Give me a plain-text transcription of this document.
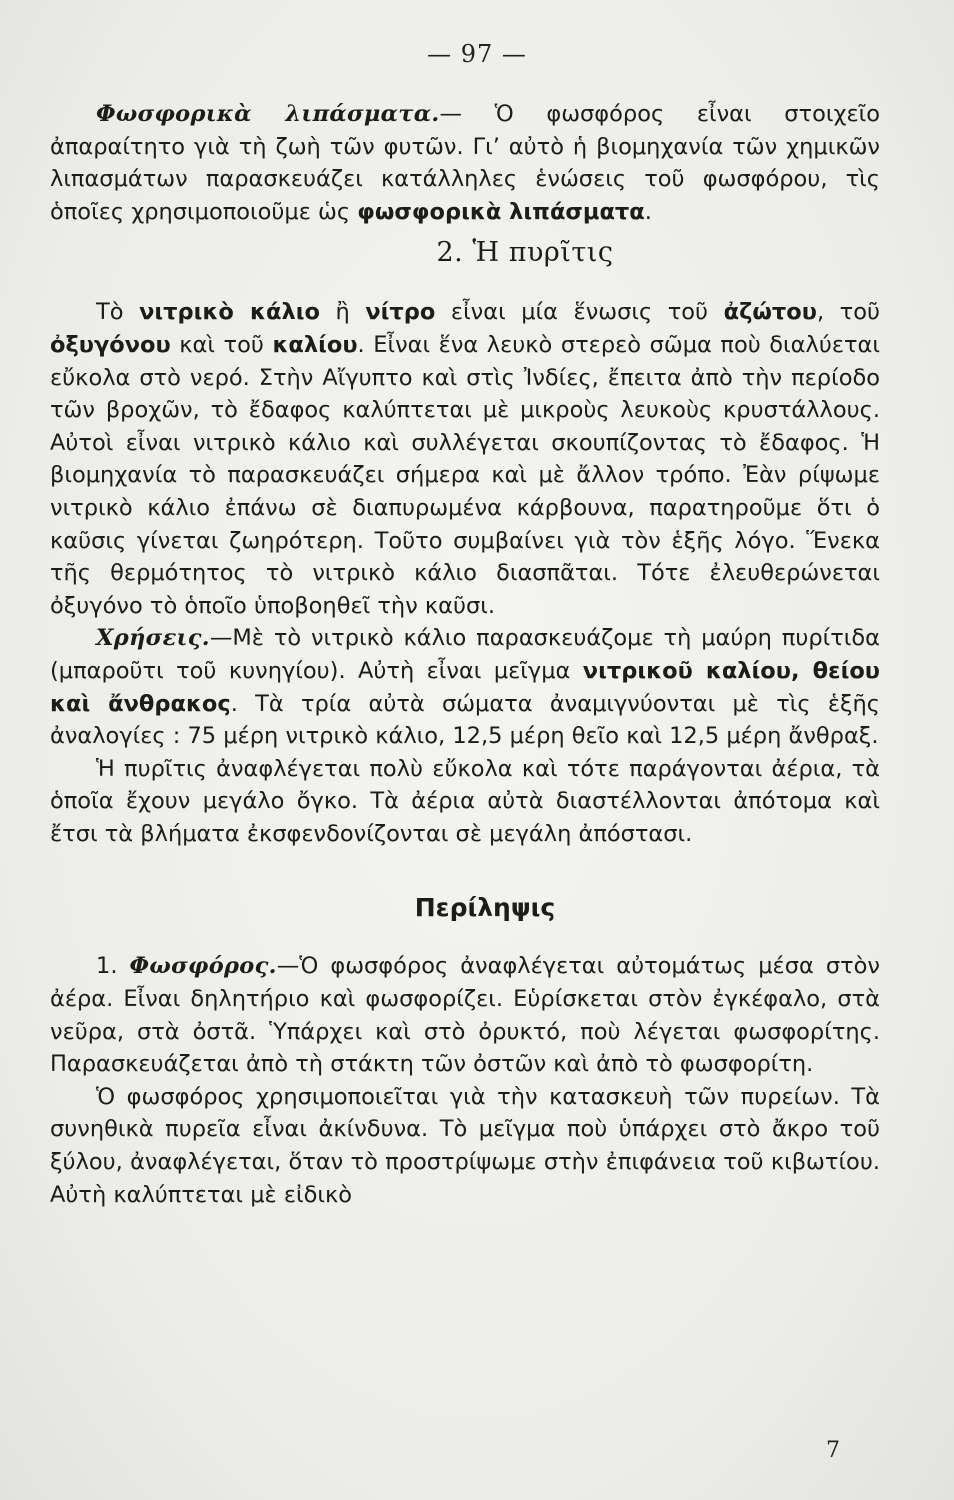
— 97 —

Φωσφορικὰ λιπάσματα.— Ὁ φωσφόρος εἶναι στοιχεῖο ἀπαραίτητο γιὰ τὴ ζωὴ τῶν φυτῶν. Γι’ αὐτὸ ἡ βιομηχανία τῶν χημικῶν λιπασμάτων παρασκευάζει κατάλληλες ἑνώσεις τοῦ φωσφόρου, τὶς ὁποῖες χρησιμοποιοῦμε ὡς φωσφορικὰ λιπάσματα.

2. Ἡ πυρῖτις

Τὸ νιτρικὸ κάλιο ἢ νίτρο εἶναι μία ἕνωσις τοῦ ἀζώτου, τοῦ ὀξυγόνου καὶ τοῦ καλίου. Εἶναι ἕνα λευκὸ στερεὸ σῶμα ποὺ διαλύεται εὔκολα στὸ νερό. Στὴν Αἴγυπτο καὶ στὶς Ἰνδίες, ἔπειτα ἀπὸ τὴν περίοδο τῶν βροχῶν, τὸ ἔδαφος καλύπτεται μὲ μικροὺς λευκοὺς κρυστάλλους. Αὐτοὶ εἶναι νιτρικὸ κάλιο καὶ συλλέγεται σκουπίζοντας τὸ ἔδαφος. Ἡ βιομηχανία τὸ παρασκευάζει σήμερα καὶ μὲ ἄλλον τρόπο. Ἐὰν ρίψωμε νιτρικὸ κάλιο ἐπάνω σὲ διαπυρωμένα κάρβουνα, παρατηροῦμε ὅτι ὁ καῦσις γίνεται ζωηρότερη. Τοῦτο συμβαίνει γιὰ τὸν ἑξῆς λόγο. Ἕνεκα τῆς θερμότητος τὸ νιτρικὸ κάλιο διασπᾶται. Τότε ἐλευθερώνεται ὀξυγόνο τὸ ὁποῖο ὑποβοηθεῖ τὴν καῦσι.

Χρήσεις.—Μὲ τὸ νιτρικὸ κάλιο παρασκευάζομε τὴ μαύρη πυρίτιδα (μπαροῦτι τοῦ κυνηγίου). Αὐτὴ εἶναι μεῖγμα νιτρικοῦ καλίου, θείου καὶ ἄνθρακος. Τὰ τρία αὐτὰ σώματα ἀναμιγνύονται μὲ τὶς ἑξῆς ἀναλογίες : 75 μέρη νιτρικὸ κάλιο, 12,5 μέρη θεῖο καὶ 12,5 μέρη ἄνθραξ.

Ἡ πυρῖτις ἀναφλέγεται πολὺ εὔκολα καὶ τότε παράγονται ἀέρια, τὰ ὁποῖα ἔχουν μεγάλο ὄγκο. Τὰ ἀέρια αὐτὰ διαστέλλονται ἀπότομα καὶ ἔτσι τὰ βλήματα ἐκσφενδονίζονται σὲ μεγάλη ἀπόστασι.

Περίληψις

1. Φωσφόρος.—Ὁ φωσφόρος ἀναφλέγεται αὐτομάτως μέσα στὸν ἀέρα. Εἶναι δηλητήριο καὶ φωσφορίζει. Εὑρίσκεται στὸν ἐγκέφαλο, στὰ νεῦρα, στὰ ὀστᾶ. Ὑπάρχει καὶ στὸ ὀρυκτό, ποὺ λέγεται φωσφορίτης. Παρασκευάζεται ἀπὸ τὴ στάκτη τῶν ὀστῶν καὶ ἀπὸ τὸ φωσφορίτη.

Ὁ φωσφόρος χρησιμοποιεῖται γιὰ τὴν κατασκευὴ τῶν πυρείων. Τὰ συνηθικὰ πυρεῖα εἶναι ἀκίνδυνα. Τὸ μεῖγμα ποὺ ὑπάρχει στὸ ἄκρο τοῦ ξύλου, ἀναφλέγεται, ὅταν τὸ προστρίψωμε στὴν ἐπιφάνεια τοῦ κιβωτίου. Αὐτὴ καλύπτεται μὲ εἰδικὸ

7
